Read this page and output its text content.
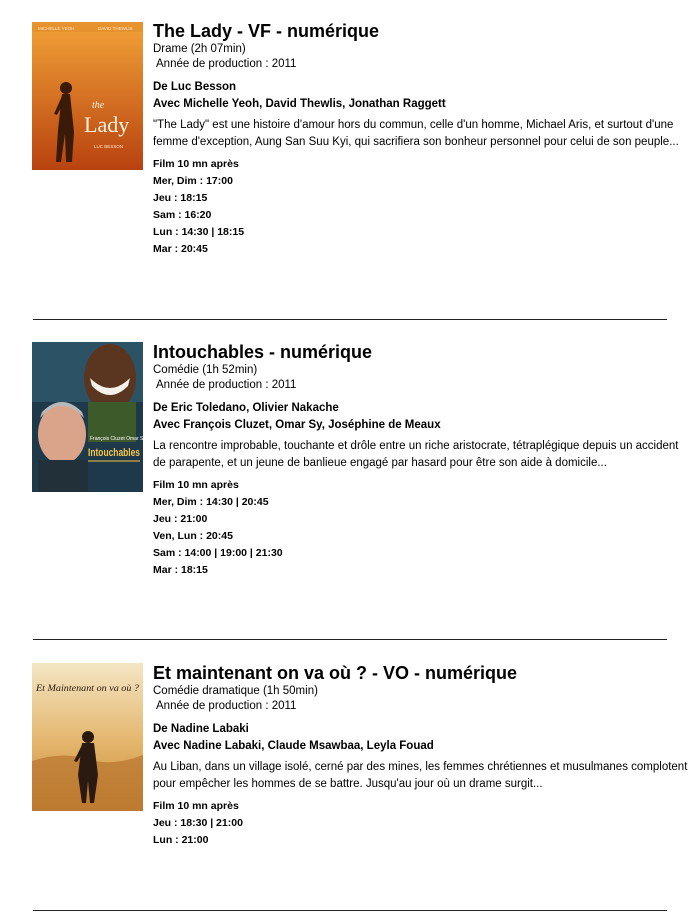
MICHELLE YEOH	DAVID THEWLIS
the
Lady
LUC BESSON
The Lady - VF - numérique
Drame (2h 07min)
Année de production : 2011
De Luc Besson
Avec Michelle Yeoh, David Thewlis, Jonathan Raggett
"The Lady" est une histoire d'amour hors du commun, celle d'un homme, Michael Aris, et surtout d'une femme d'exception, Aung San Suu Kyi, qui sacrifiera son bonheur personnel pour celui de son peuple...
Film 10 mn après
Mer, Dim : 17:00
Jeu : 18:15
Sam : 16:20
Lun : 14:30 | 18:15
Mar : 20:45
François Cluzet Omar Sy
Intouchables
Intouchables - numérique
Comédie (1h 52min)
Année de production : 2011
De Eric Toledano, Olivier Nakache
Avec François Cluzet, Omar Sy, Joséphine de Meaux
La rencontre improbable, touchante et drôle entre un riche aristocrate, tétraplégique depuis un accident de parapente, et un jeune de banlieue engagé par hasard pour être son aide à domicile...
Film 10 mn après
Mer, Dim : 14:30 | 20:45
Jeu : 21:00
Ven, Lun : 20:45
Sam : 14:00 | 19:00 | 21:30
Mar : 18:15
Et Maintenant on va où ?
Et maintenant on va où ? - VO - numérique
Comédie dramatique (1h 50min)
Année de production : 2011
De Nadine Labaki
Avec Nadine Labaki, Claude Msawbaa, Leyla Fouad
Au Liban, dans un village isolé, cerné par des mines, les femmes chrétiennes et musulmanes complotent pour empêcher les hommes de se battre. Jusqu'au jour où un drame surgit...
Film 10 mn après
Jeu : 18:30 | 21:00
Lun : 21:00
